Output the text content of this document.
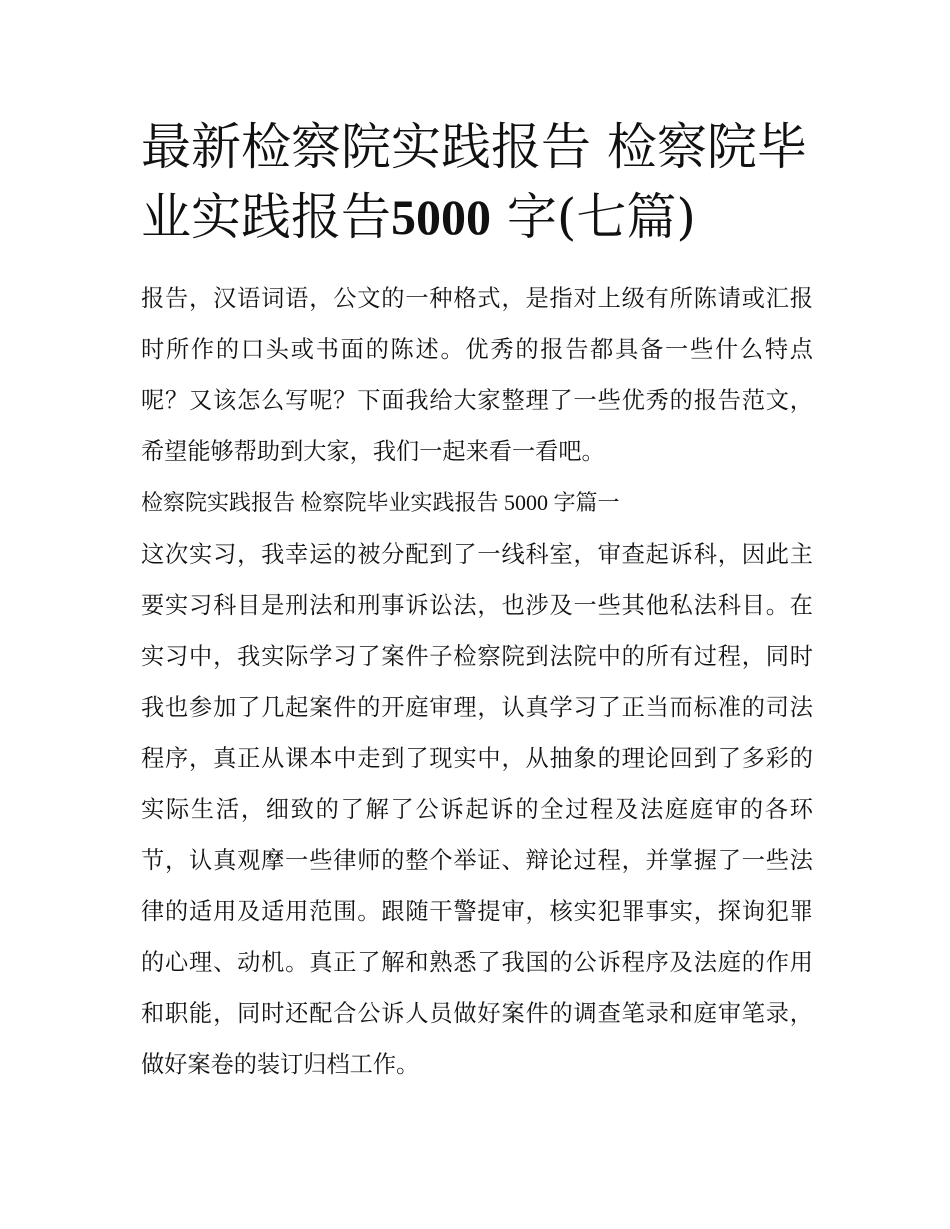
最新检察院实践报告 检察院毕业实践报告5000 字(七篇)

报告，汉语词语，公文的一种格式，是指对上级有所陈请或汇报时所作的口头或书面的陈述。优秀的报告都具备一些什么特点呢？又该怎么写呢？下面我给大家整理了一些优秀的报告范文，希望能够帮助到大家，我们一起来看一看吧。

检察院实践报告 检察院毕业实践报告 5000 字篇一

这次实习，我幸运的被分配到了一线科室，审查起诉科，因此主要实习科目是刑法和刑事诉讼法，也涉及一些其他私法科目。在实习中，我实际学习了案件子检察院到法院中的所有过程，同时我也参加了几起案件的开庭审理，认真学习了正当而标准的司法程序，真正从课本中走到了现实中，从抽象的理论回到了多彩的实际生活，细致的了解了公诉起诉的全过程及法庭庭审的各环节，认真观摩一些律师的整个举证、辩论过程，并掌握了一些法律的适用及适用范围。跟随干警提审，核实犯罪事实，探询犯罪的心理、动机。真正了解和熟悉了我国的公诉程序及法庭的作用和职能，同时还配合公诉人员做好案件的调查笔录和庭审笔录，做好案卷的装订归档工作。
